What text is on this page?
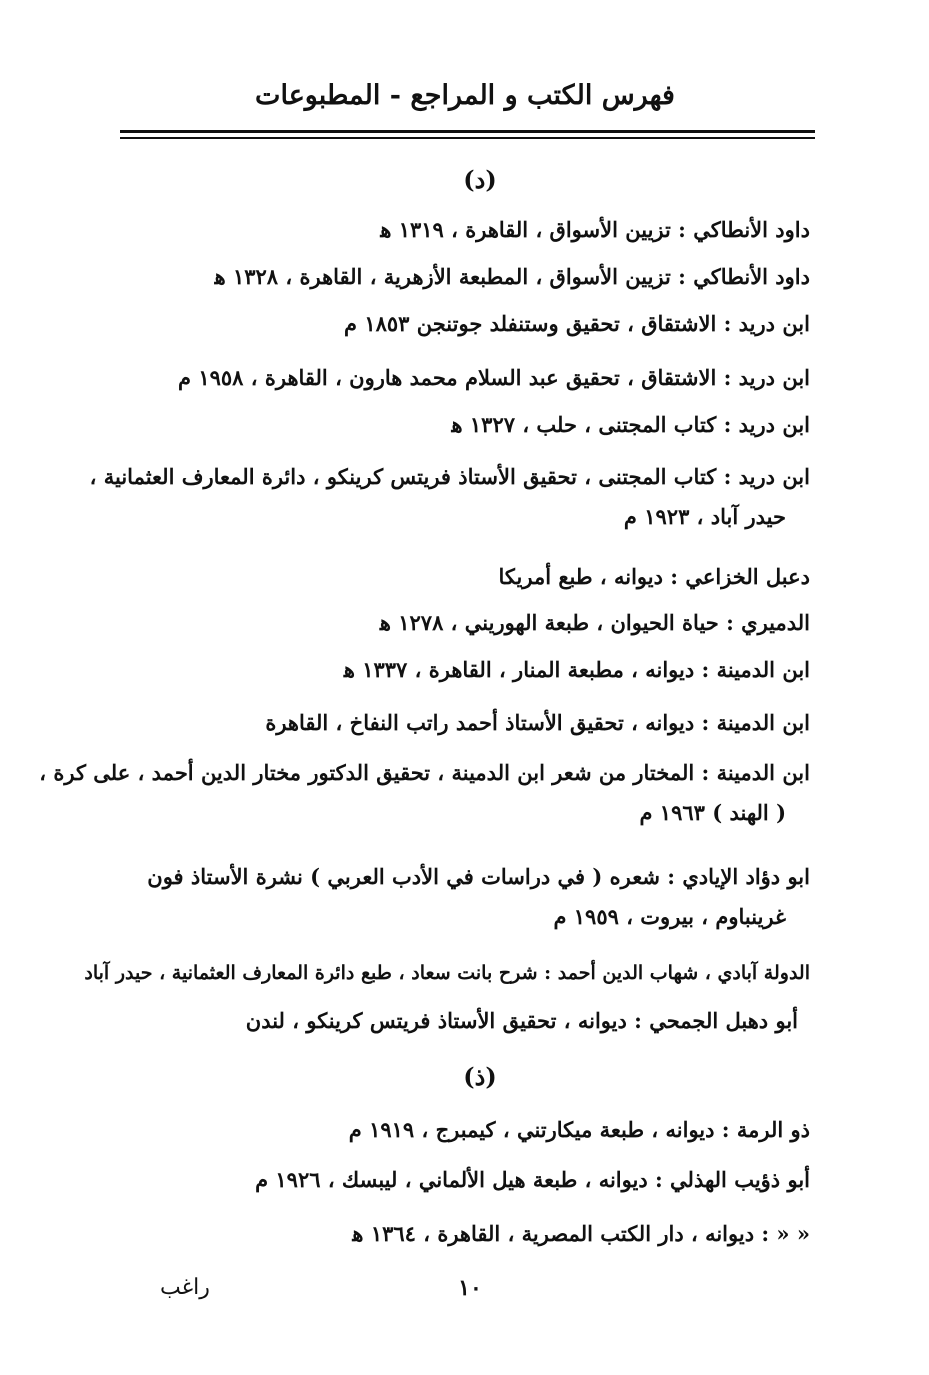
فهرس الكتب و المراجع - المطبوعات
(د)
داود الأنطاكي : تزيين الأسواق ، القاهرة ، ١٣١٩ ﻫ
داود الأنطاكي : تزيين الأسواق ، المطبعة الأزهرية ، القاهرة ، ١٣٢٨ ﻫ
ابن دريد : الاشتقاق ، تحقيق وستنفلد جوتنجن ١٨٥٣ م
ابن دريد : الاشتقاق ، تحقيق عبد السلام محمد هارون ، القاهرة ، ١٩٥٨ م
ابن دريد : كتاب المجتنى ، حلب ، ١٣٢٧ ﻫ
ابن دريد : كتاب المجتنى ، تحقيق الأستاذ فريتس كرينكو ، دائرة المعارف العثمانية ،
حيدر آباد ، ١٩٢٣ م
دعبل الخزاعي : ديوانه ، طبع أمريكا
الدميري : حياة الحيوان ، طبعة الهوريني ، ١٢٧٨ ﻫ
ابن الدمينة : ديوانه ، مطبعة المنار ، القاهرة ، ١٣٣٧ ﻫ
ابن الدمينة : ديوانه ، تحقيق الأستاذ أحمد راتب النفاخ ، القاهرة
ابن الدمينة : المختار من شعر ابن الدمينة ، تحقيق الدكتور مختار الدين أحمد ، على كرة ،
( الهند ) ١٩٦٣ م
ابو دؤاد الإيادي : شعره ( في دراسات في الأدب العربي ) نشرة الأستاذ فون
غرينباوم ، بيروت ، ١٩٥٩ م
الدولة آبادي ، شهاب الدين أحمد : شرح بانت سعاد ، طبع دائرة المعارف العثمانية ، حيدر آباد
أبو دهبل الجمحي : ديوانه ، تحقيق الأستاذ فريتس كرينكو ، لندن
(ذ)
ذو الرمة : ديوانه ، طبعة ميكارتني ، كيمبرج ، ١٩١٩ م
أبو ذؤيب الهذلي : ديوانه ، طبعة هيل الألماني ، ليبسك ، ١٩٢٦ م
« « : ديوانه ، دار الكتب المصرية ، القاهرة ، ١٣٦٤ ﻫ
١٠
راغب
